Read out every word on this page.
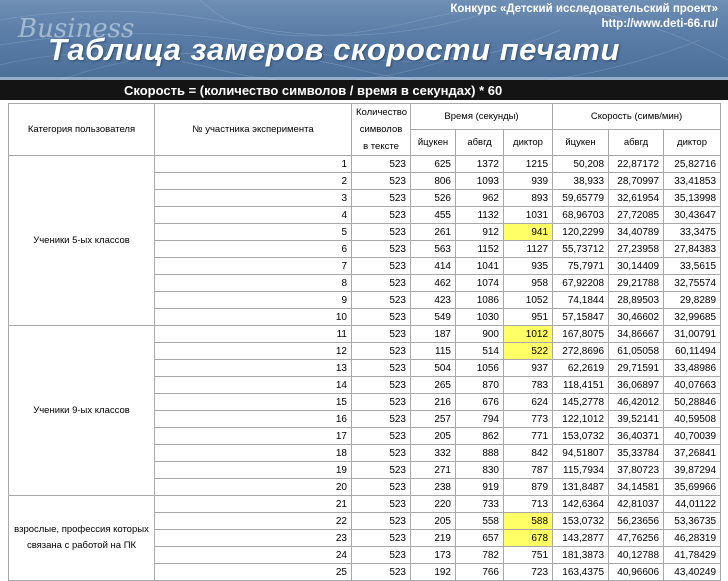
Business
Конкурс «Детский исследовательский проект»
http://www.deti-66.ru/
Таблица замеров скорости печати
Скорость = (количество символов / время в секундах) * 60
Категория пользователя	№ участника эксперимента	Количество символов в тексте	Время (секунды)			Скорость (симв/мин)		
			йцукен	абвгд	диктор	йцукен	абвгд	диктор
Ученики 5-ых классов	1	523	625	1372	1215	50,208	22,87172	25,82716
	2	523	806	1093	939	38,933	28,70997	33,41853
	3	523	526	962	893	59,65779	32,61954	35,13998
	4	523	455	1132	1031	68,96703	27,72085	30,43647
	5	523	261	912	941	120,2299	34,40789	33,3475
	6	523	563	1152	1127	55,73712	27,23958	27,84383
	7	523	414	1041	935	75,7971	30,14409	33,5615
	8	523	462	1074	958	67,92208	29,21788	32,75574
	9	523	423	1086	1052	74,1844	28,89503	29,8289
	10	523	549	1030	951	57,15847	30,46602	32,99685
Ученики 9-ых классов	11	523	187	900	1012	167,8075	34,86667	31,00791
	12	523	115	514	522	272,8696	61,05058	60,11494
	13	523	504	1056	937	62,2619	29,71591	33,48986
	14	523	265	870	783	118,4151	36,06897	40,07663
	15	523	216	676	624	145,2778	46,42012	50,28846
	16	523	257	794	773	122,1012	39,52141	40,59508
	17	523	205	862	771	153,0732	36,40371	40,70039
	18	523	332	888	842	94,51807	35,33784	37,26841
	19	523	271	830	787	115,7934	37,80723	39,87294
	20	523	238	919	879	131,8487	34,14581	35,69966
взрослые, профессия которых связана с работой на ПК	21	523	220	733	713	142,6364	42,81037	44,01122
	22	523	205	558	588	153,0732	56,23656	53,36735
	23	523	219	657	678	143,2877	47,76256	46,28319
	24	523	173	782	751	181,3873	40,12788	41,78429
	25	523	192	766	723	163,4375	40,96606	43,40249
